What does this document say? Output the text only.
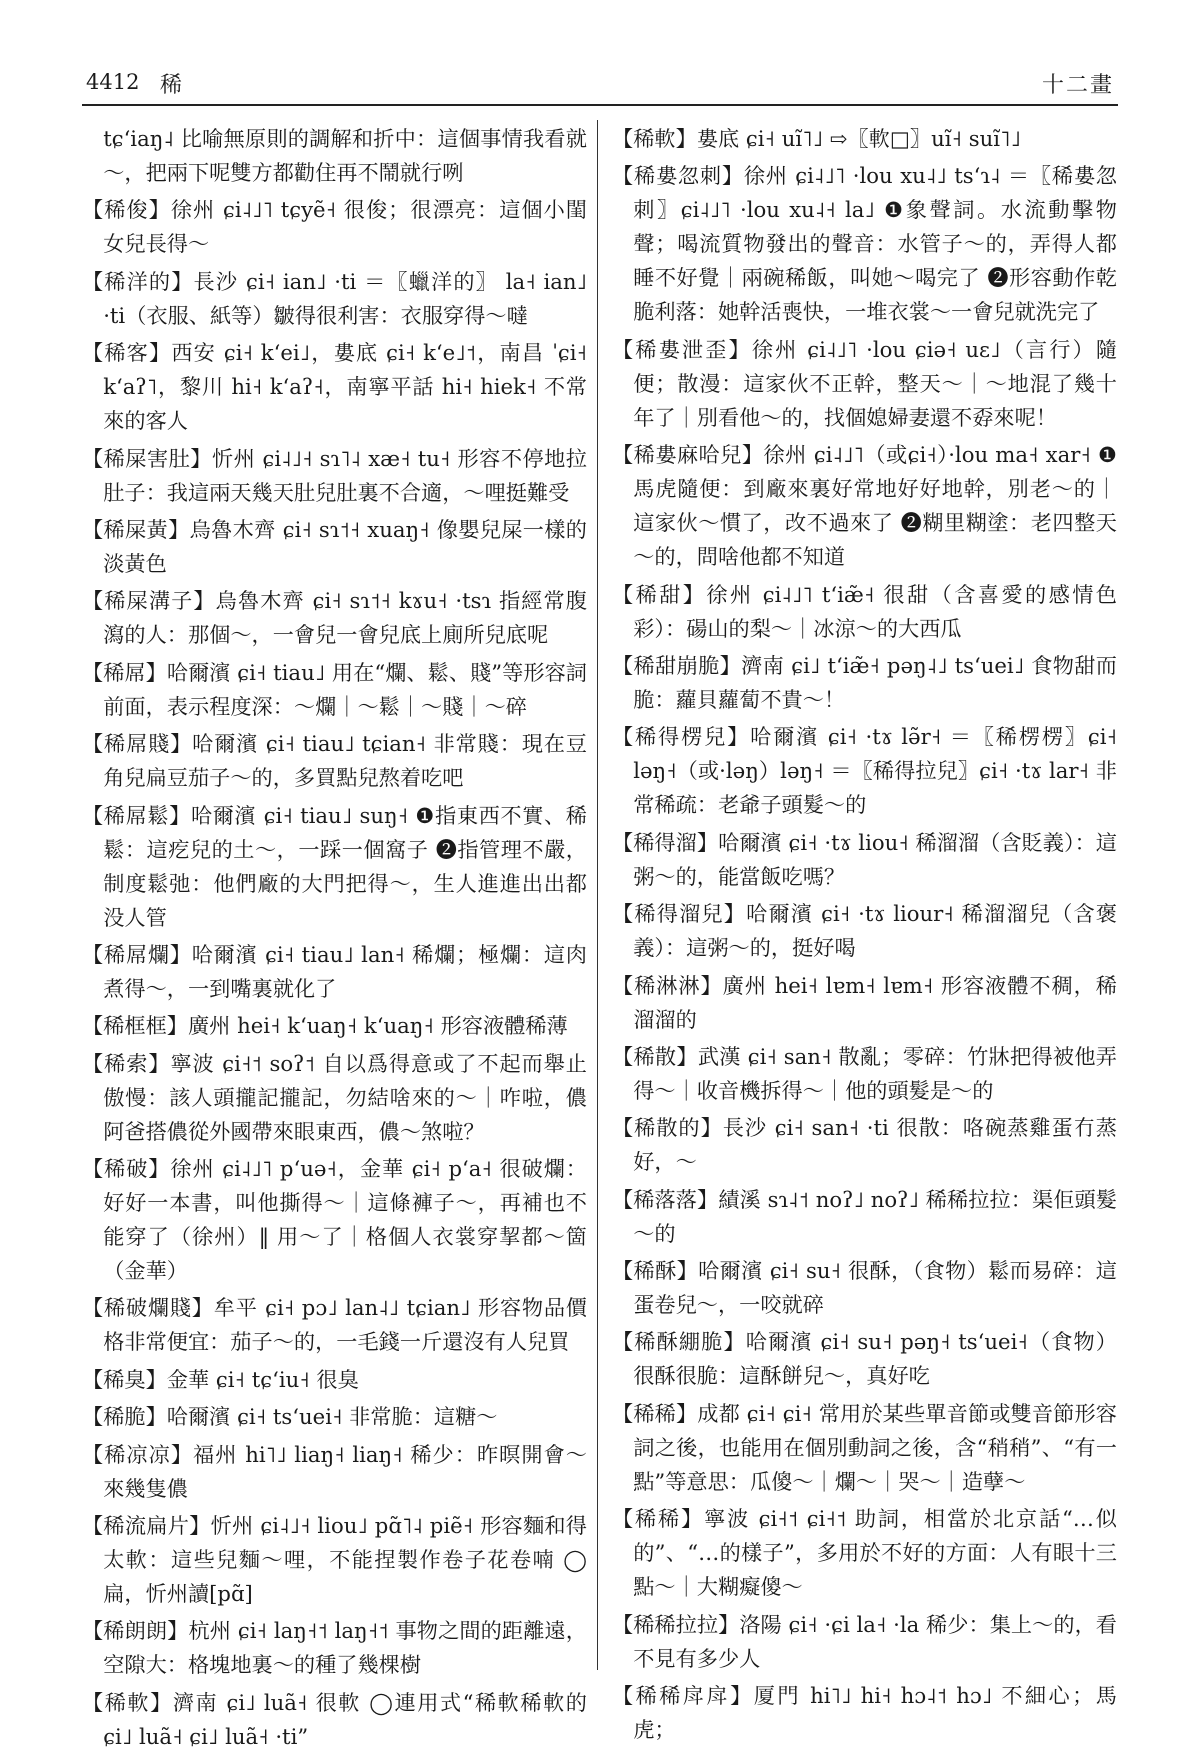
4412 稀	十二畫
tɕʻiaŋ˨ 比喻無原則的調解和折中：這個事情我看就～，把兩下呢雙方都勸住再不鬧就行咧
【稀俊】徐州 ɕi˨˩˥ tɕyẽ˧ 很俊；很漂亮：這個小閨女兒長得～
【稀洋的】長沙 ɕi˧ ian˩ ·ti ＝〖蠟洋的〗 la˧ ian˩ ·ti（衣服、紙等）皺得很利害：衣服穿得～噠
【稀客】西安 ɕi˧ kʻei˩，婁底 ɕi˧ kʻe˩˦，南昌 ˈɕi˧ kʻaʔ˥，黎川 hi˧ kʻaʔ˧，南寧平話 hi˧ hiek˧ 不常來的客人
【稀屎害肚】忻州 ɕi˨˩˧ sɿ˥˨ xæ˧ tu˧ 形容不停地拉肚子：我這兩天幾天肚兒肚裏不合適，～哩挺難受
【稀屎黃】烏魯木齊 ɕi˧ sɿ˦˧ xuaŋ˧ 像嬰兒屎一樣的淡黃色
【稀屎溝子】烏魯木齊 ɕi˧ sɿ˦˧ kɤu˧ ·tsɿ 指經常腹瀉的人：那個～，一會兒一會兒底上廁所兒底呢
【稀屌】哈爾濱 ɕi˧ tiau˩ 用在“爛、鬆、賤”等形容詞前面，表示程度深：～爛｜～鬆｜～賤｜～碎
【稀屌賤】哈爾濱 ɕi˧ tiau˩ tɕian˧ 非常賤：現在豆角兒扁豆茄子～的，多買點兒熬着吃吧
【稀屌鬆】哈爾濱 ɕi˧ tiau˩ suŋ˧ ❶指東西不實、稀鬆：這疙兒的土～，一踩一個窩子 ❷指管理不嚴，制度鬆弛：他們廠的大門把得～，生人進進出出都没人管
【稀屌爛】哈爾濱 ɕi˧ tiau˩ lan˧ 稀爛；極爛：這肉煮得～，一到嘴裏就化了
【稀框框】廣州 hei˧ kʻuaŋ˧ kʻuaŋ˧ 形容液體稀薄
【稀索】寧波 ɕi˧˦ soʔ˦ 自以爲得意或了不起而舉止傲慢：該人頭攏記攏記，勿結啥來的～｜咋啦，儂阿爸搭儂從外國帶來眼東西，儂～煞啦？
【稀破】徐州 ɕi˨˩˥ pʻuə˧，金華 ɕi˧ pʻa˧ 很破爛：好好一本書，叫他撕得～｜這條褲子～，再補也不能穿了（徐州）‖ 用～了｜格個人衣裳穿挈都～箇（金華）
【稀破爛賤】牟平 ɕi˧ pɔ˩ lan˨˩ tɕian˩ 形容物品價格非常便宜：茄子～的，一毛錢一斤還沒有人兒買
【稀臭】金華 ɕi˧ tɕʻiu˧ 很臭
【稀脆】哈爾濱 ɕi˧ tsʻuei˧ 非常脆：這糖～
【稀凉凉】福州 hi˥˩ liaŋ˧ liaŋ˧ 稀少：昨暝開會～來幾隻儂
【稀流扁片】忻州 ɕi˨˩˧ liou˩ pɑ̃˥˨ piẽ˧ 形容麵和得太軟：這些兒麵～哩，不能捏製作卷子花卷喃 ◯扁，忻州讀[pɑ̃]
【稀朗朗】杭州 ɕi˧ laŋ˧˦ laŋ˧˦ 事物之間的距離遠，空隙大：格塊地裏～的種了幾棵樹
【稀軟】濟南 ɕi˩ luã˧ 很軟 ◯連用式“稀軟稀軟的 ɕi˩ luã˧ ɕi˩ luã˧ ·ti”
【稀軟】婁底 ɕi˧ uĩ˥˩ ⇨〖軟□〗uĩ˧ suĩ˥˩
【稀婁忽刺】徐州 ɕi˨˩˥ ·lou xu˨˩ tsʻɿ˨ ＝〖稀婁忽刺〗ɕi˨˩˥ ·lou xu˨˧ la˩ ❶象聲詞。水流動擊物聲；喝流質物發出的聲音：水管子～的，弄得人都睡不好覺｜兩碗稀飯，叫她～喝完了 ❷形容動作乾脆利落：她幹活喪快，一堆衣裳～一會兒就洗完了
【稀婁泄歪】徐州 ɕi˨˩˥ ·lou ɕiə˧ uɛ˩（言行）隨便；散漫：這家伙不正幹，整天～｜～地混了幾十年了｜別看他～的，找個媳婦妻還不孬來呢！
【稀婁麻哈兒】徐州 ɕi˨˩˥（或ɕi˧）·lou ma˧ xar˧ ❶馬虎隨便：到廠來裏好常地好好地幹，別老～的｜這家伙～慣了，改不過來了 ❷糊里糊塗：老四整天～的，問啥他都不知道
【稀甜】徐州 ɕi˨˩˥ tʻiæ̃˧ 很甜（含喜愛的感情色彩）：碭山的梨～｜冰涼～的大西瓜
【稀甜崩脆】濟南 ɕi˩ tʻiæ̃˧ pəŋ˨˩ tsʻuei˩ 食物甜而脆：蘿貝蘿蔔不貴～！
【稀得楞兒】哈爾濱 ɕi˧ ·tɤ lə̃r˧ ＝〖稀楞楞〗ɕi˧ ləŋ˧（或·ləŋ）ləŋ˧ ＝〖稀得拉兒〗ɕi˧ ·tɤ lar˧ 非常稀疏：老爺子頭髮～的
【稀得溜】哈爾濱 ɕi˧ ·tɤ liou˧ 稀溜溜（含貶義）：這粥～的，能當飯吃嗎？
【稀得溜兒】哈爾濱 ɕi˧ ·tɤ liour˧ 稀溜溜兒（含褒義）：這粥～的，挺好喝
【稀淋淋】廣州 hei˧ lɐm˧ lɐm˧ 形容液體不稠，稀溜溜的
【稀散】武漢 ɕi˧ san˧ 散亂；零碎：竹牀把得被他弄得～｜收音機拆得～｜他的頭髮是～的
【稀散的】長沙 ɕi˧ san˧ ·ti 很散：咯碗蒸雞蛋冇蒸好，～
【稀落落】績溪 sɿ˨˦ noʔ˩ noʔ˩ 稀稀拉拉：渠佢頭髮～的
【稀酥】哈爾濱 ɕi˧ su˧ 很酥，（食物）鬆而易碎：這蛋卷兒～，一咬就碎
【稀酥綳脆】哈爾濱 ɕi˧ su˧ pəŋ˧ tsʻuei˧（食物）很酥很脆：這酥餅兒～，真好吃
【稀稀】成都 ɕi˧ ɕi˧ 常用於某些單音節或雙音節形容詞之後，也能用在個別動詞之後，含“稍稍”、“有一點”等意思：瓜傻～｜爛～｜哭～｜造孽～
【稀稀】寧波 ɕi˧˦ ɕi˧˦ 助詞，相當於北京話“…似的”、“…的樣子”，多用於不好的方面：人有眼十三點～｜大糊癡傻～
【稀稀拉拉】洛陽 ɕi˧ ·ɕi la˧ ·la 稀少：集上～的，看不見有多少人
【稀稀戽戽】厦門 hi˥˩ hi˧ hɔ˨˦ hɔ˩ 不細心；馬虎；
